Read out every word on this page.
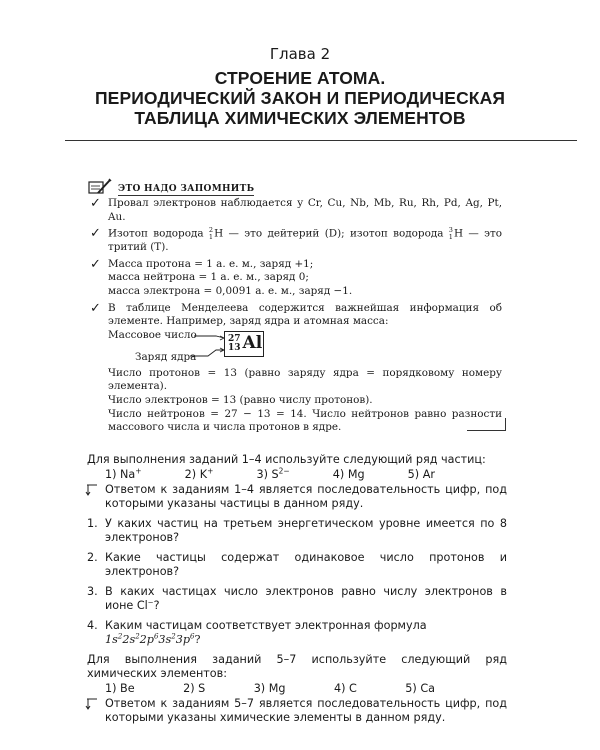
Глава 2
СТРОЕНИЕ АТОМА.
ПЕРИОДИЧЕСКИЙ ЗАКОН И ПЕРИОДИЧЕСКАЯ
ТАБЛИЦА ХИМИЧЕСКИХ ЭЛЕМЕНТОВ
ЭТО НАДО ЗАПОМНИТЬ
✓ Провал электронов наблюдается у Cr, Cu, Nb, Mb, Ru, Rh, Pd, Ag, Pt, Au.
✓ Изотоп водорода 2
1Н — это дейтерий (D); изотоп водорода 3
1Н — это тритий (Т).
✓ Масса протона = 1 а. е. м., заряд +1;
масса нейтрона = 1 а. е. м., заряд 0;
масса электрона = 0,0091 а. е. м., заряд −1.
✓ В таблице Менделеева содержится важнейшая информация об элементе. Например, заряд ядра и атомная масса:
Массовое число
Заряд ядра
27
13 Al
Число протонов = 13 (равно заряду ядра = порядковому номеру элемента).
Число электронов = 13 (равно числу протонов).
Число нейтронов = 27 − 13 = 14. Число нейтронов равно разности массового числа и числа протонов в ядре.
Для выполнения заданий 1–4 используйте следующий ряд частиц:
1) Na+	2) K+	3) $S^{2-}$	4) Mg	5) Ar
Ответом к заданиям 1–4 является последовательность цифр, под которыми указаны частицы в данном ряду.
1. У каких частиц на третьем энергетическом уровне имеется по 8 электронов?
2. Какие частицы содержат одинаковое число протонов и электронов?
3. В каких частицах число электронов равно числу электронов в ионе Cl−?
4. Каким частицам соответствует электронная формула
$1s^22s^22p^63s^23p^6$?
Для выполнения заданий 5–7 используйте следующий ряд химических элементов:
1) Be	2) S	3) Mg	4) C	5) Ca
Ответом к заданиям 5–7 является последовательность цифр, под которыми указаны химические элементы в данном ряду.
